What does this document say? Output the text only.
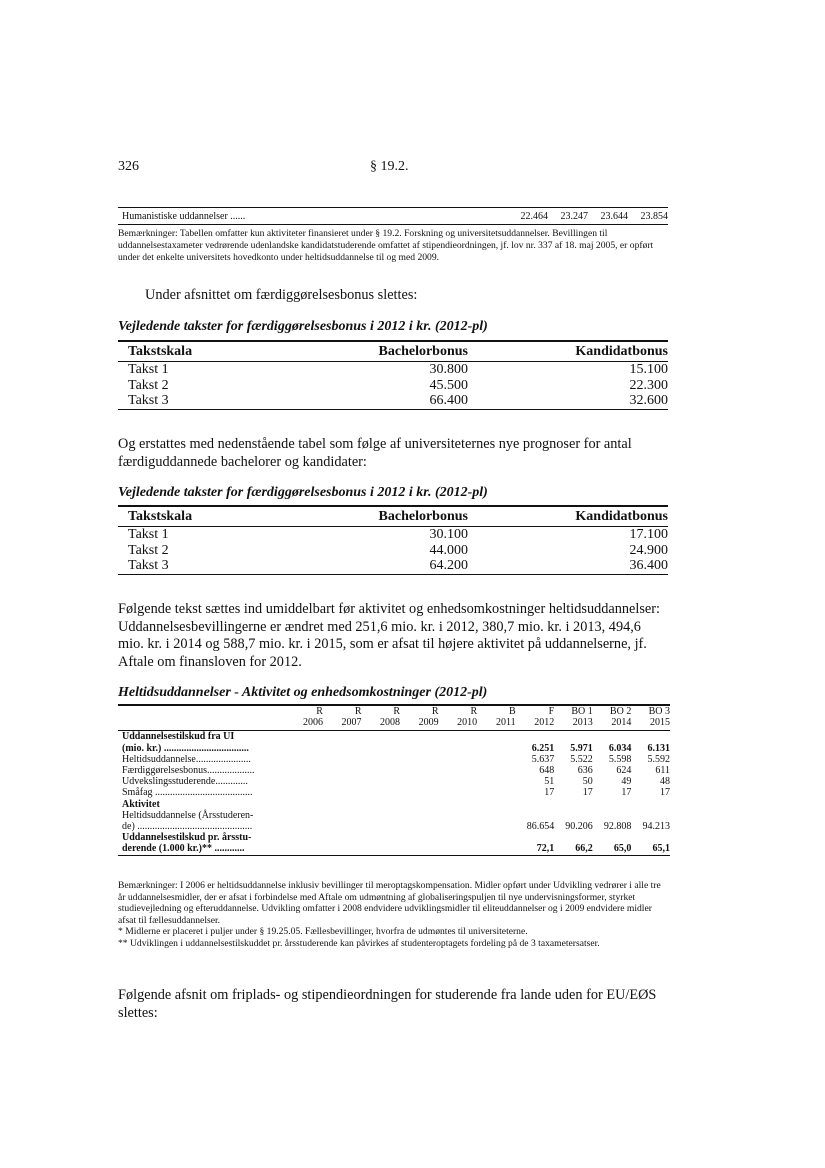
326	§ 19.2.
Humanistiske uddannelser ......	22.464	23.247	23.644	23.854
Bemærkninger: Tabellen omfatter kun aktiviteter finansieret under § 19.2. Forskning og universitetsuddannelser. Bevillingen til uddannelsestaxameter vedrørende udenlandske kandidatstuderende omfattet af stipendieordningen, jf. lov nr. 337 af 18. maj 2005, er opført under det enkelte universitets hovedkonto under heltidsuddannelse til og med 2009.
Under afsnittet om færdiggørelsesbonus slettes:
Vejledende takster for færdiggørelsesbonus i 2012 i kr. (2012-pl)
Takstskala	Bachelorbonus	Kandidatbonus
Takst 1	30.800	15.100
Takst 2	45.500	22.300
Takst 3	66.400	32.600
Og erstattes med nedenstående tabel som følge af universiteternes nye prognoser for antal færdiguddannede bachelorer og kandidater:
Vejledende takster for færdiggørelsesbonus i 2012 i kr. (2012-pl)
Takstskala	Bachelorbonus	Kandidatbonus
Takst 1	30.100	17.100
Takst 2	44.000	24.900
Takst 3	64.200	36.400
Følgende tekst sættes ind umiddelbart før aktivitet og enhedsomkostninger heltidsuddannelser: Uddannelsesbevillingerne er ændret med 251,6 mio. kr. i 2012, 380,7 mio. kr. i 2013, 494,6 mio. kr. i 2014 og 588,7 mio. kr. i 2015, som er afsat til højere aktivitet på uddannelserne, jf. Aftale om finansloven for 2012.
Heltidsuddannelser - Aktivitet og enhedsomkostninger (2012-pl)
	R	R	R	R	R	B	F	BO 1	BO 2	BO 3
	2006	2007	2008	2009	2010	2011	2012	2013	2014	2015
Uddannelsestilskud fra UI										
(mio. kr.) ..................................							6.251	5.971	6.034	6.131
Heltidsuddannelse......................							5.637	5.522	5.598	5.592
Færdiggørelsesbonus...................							648	636	624	611
Udvekslingsstuderende.............							51	50	49	48
Småfag .......................................							17	17	17	17
Aktivitet										
Heltidsuddannelse (Årsstuderen-										
de) ..............................................							86.654	90.206	92.808	94.213
Uddannelsestilskud pr. årsstu-										
derende (1.000 kr.)** ............							72,1	66,2	65,0	65,1
Bemærkninger: I 2006 er heltidsuddannelse inklusiv bevillinger til meroptagskompensation. Midler opført under Udvikling vedrører i alle tre år uddannelsesmidler, der er afsat i forbindelse med Aftale om udmøntning af globaliseringspuljen til nye undervisningsformer, styrket studievejledning og efteruddannelse. Udvikling omfatter i 2008 endvidere udviklingsmidler til eliteuddannelser og i 2009 endvidere midler afsat til fællesuddannelser.
* Midlerne er placeret i puljer under § 19.25.05. Fællesbevillinger, hvorfra de udmøntes til universiteterne.
** Udviklingen i uddannelsestilskuddet pr. årsstuderende kan påvirkes af studenteroptagets fordeling på de 3 taxametersatser.
Følgende afsnit om friplads- og stipendieordningen for studerende fra lande uden for EU/EØS slettes:
